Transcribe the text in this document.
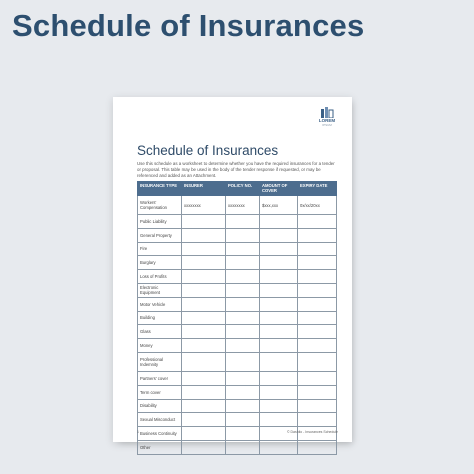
Schedule of Insurances
LOREM
IPSUM
Schedule of Insurances
Use this schedule as a worksheet to determine whether you have the required insurances for a tender or proposal. This table may be used in the body of the tender response if requested, or may be referenced and added as an Attachment.
INSURANCE TYPE	INSURER	POLICY NO.	AMOUNT OF COVER	EXPIRY DATE
Workers' Compensation	xxxxxxxx	xxxxxxxx	$xxx,xxx	0x/xx/20xx
Public Liability				
General Property				
Fire				
Burglary				
Loss of Profits				
Electronic Equipment				
Motor Vehicle				
Building				
Glass				
Money				
Professional Indemnity				
Partners' cover				
Term cover				
Disability				
Sexual Misconduct				
Business Continuity				
Other				
1	© Dashlio - Insurances Schedule
